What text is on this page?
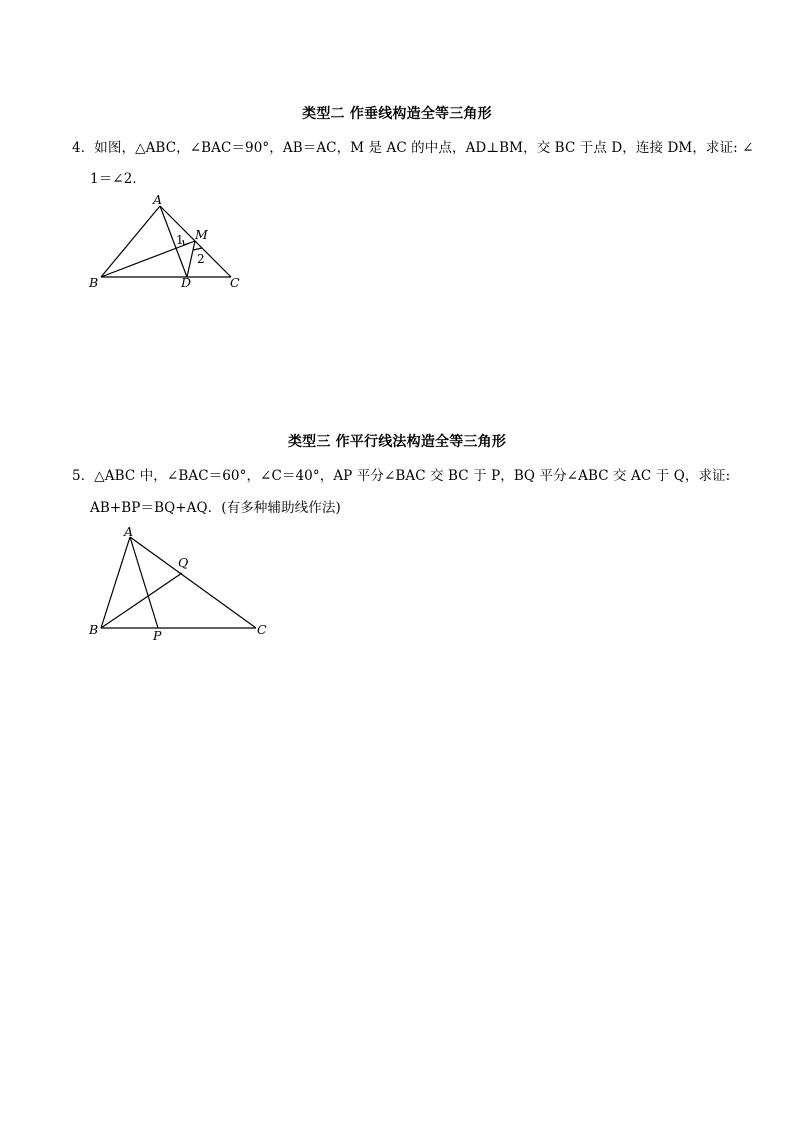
类型二 作垂线构造全等三角形
4．如图，△ABC，∠BAC＝90°，AB＝AC，M 是 AC 的中点，AD⊥BM，交 BC 于点 D，连接 DM，求证: ∠
1＝∠2．
A
B	C
D
M
1
2
类型三 作平行线法构造全等三角形
5．△ABC 中，∠BAC＝60°，∠C＝40°，AP 平分∠BAC 交 BC 于 P，BQ 平分∠ABC 交 AC 于 Q，求证:
AB+BP＝BQ+AQ．(有多种辅助线作法)
A
B	C
P
Q
